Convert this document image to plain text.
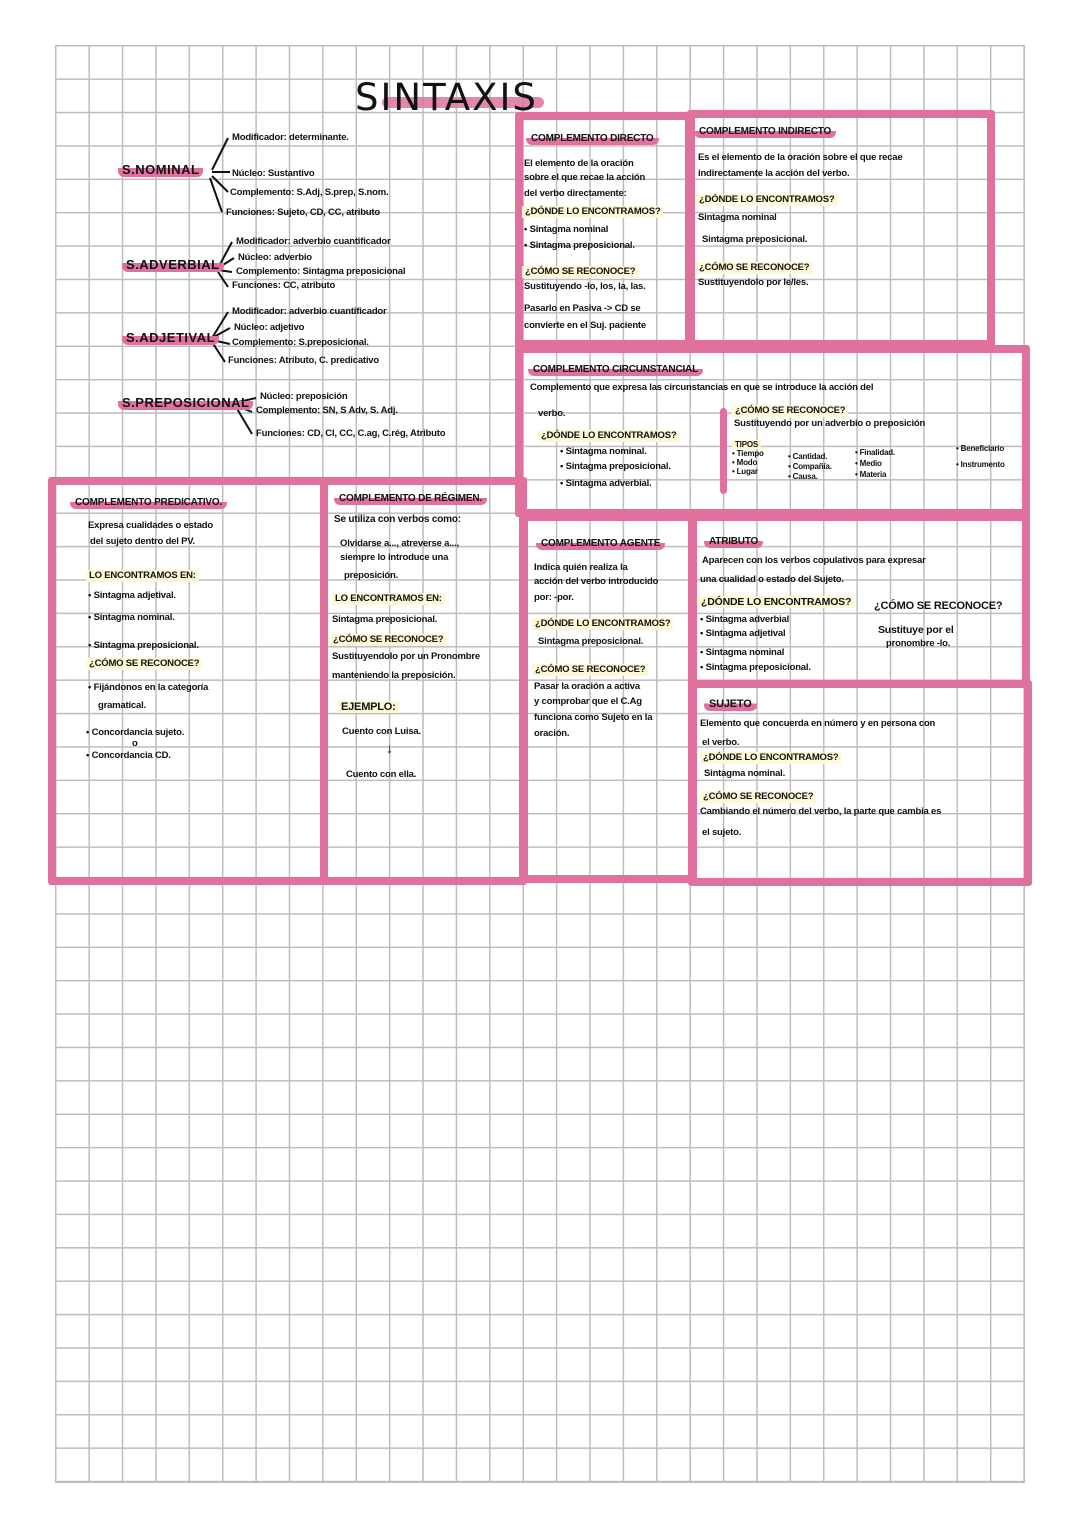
SINTAXIS
S.NOMINAL
Modificador: determinante.
Núcleo: Sustantivo
Complemento: S.Adj, S.prep, S.nom.
Funciones: Sujeto, CD, CC, atributo
S.ADVERBIAL
Modificador: adverbio cuantificador
Núcleo: adverbio
Complemento: Sintagma preposicional
Funciones: CC, atributo
S.ADJETIVAL
Modificador: adverbio cuantificador
Núcleo: adjetivo
Complemento: S.preposicional.
Funciones: Atributo, C. predicativo
S.PREPOSICIONAL	Núcleo: preposición
Complemento: SN, S Adv, S. Adj.
Funciones: CD, CI, CC, C.ag, C.rég, Atributo
COMPLEMENTO DIRECTO
El elemento de la oración
sobre el que recae la acción
del verbo directamente:
¿DÓNDE LO ENCONTRAMOS?
• Sintagma nominal
• Sintagma preposicional.
¿CÓMO SE RECONOCE?
Sustituyendo -lo, los, la, las.
Pasarlo en Pasiva -> CD se
convierte en el Suj. paciente
COMPLEMENTO INDIRECTO
Es el elemento de la oración sobre el que recae
indirectamente la acción del verbo.
¿DÓNDE LO ENCONTRAMOS?
Sintagma nominal
Sintagma preposicional.
¿CÓMO SE RECONOCE?
Sustituyendolo por le/les.
COMPLEMENTO CIRCUNSTANCIAL
Complemento que expresa las circunstancias en que se introduce la acción del
verbo.
¿DÓNDE LO ENCONTRAMOS?
• Sintagma nominal.
• Sintagma preposicional.
• Sintagma adverbial.
¿CÓMO SE RECONOCE?
Sustituyendo por un adverbio o preposición
TIPOS
• Tiempo
• Modo
• Lugar
• Cantidad.
• Compañía.
• Causa.
• Finalidad.
• Medio
• Materia
• Beneficiario
• Instrumento
COMPLEMENTO PREDICATIVO.
Expresa cualidades o estado
del sujeto dentro del PV.
LO ENCONTRAMOS EN:
• Sintagma adjetival.
• Sintagma nominal.
• Sintagma preposicional.
¿CÓMO SE RECONOCE?
• Fijándonos en la categoría
gramatical.
• Concordancia sujeto.
o
• Concordancia CD.
COMPLEMENTO DE RÉGIMEN.
Se utiliza con verbos como:
Olvidarse a..., atreverse a...,
siempre lo introduce una
preposición.
LO ENCONTRAMOS EN:
Sintagma preposicional.
¿CÓMO SE RECONOCE?
Sustituyendolo por un Pronombre
manteniendo la preposición.
EJEMPLO:
Cuento con Luisa.
↓
Cuento con ella.
COMPLEMENTO AGENTE
Indica quién realiza la
acción del verbo introducido
por: -por.
¿DÓNDE LO ENCONTRAMOS?
Sintagma preposicional.
¿CÓMO SE RECONOCE?
Pasar la oración a activa
y comprobar que el C.Ag
funciona como Sujeto en la
oración.
ATRIBUTO
Aparecen con los verbos copulativos para expresar
una cualidad o estado del Sujeto.
¿DÓNDE LO ENCONTRAMOS?
• Sintagma adverbial
• Sintagma adjetival
• Sintagma nominal
• Sintagma preposicional.
¿CÓMO SE RECONOCE?
Sustituye por el
pronombre -lo.
SUJETO
Elemento que concuerda en número y en persona con
el verbo.
¿DÓNDE LO ENCONTRAMOS?
Sintagma nominal.
¿CÓMO SE RECONOCE?
Cambiando el número del verbo, la parte que cambia es
el sujeto.
